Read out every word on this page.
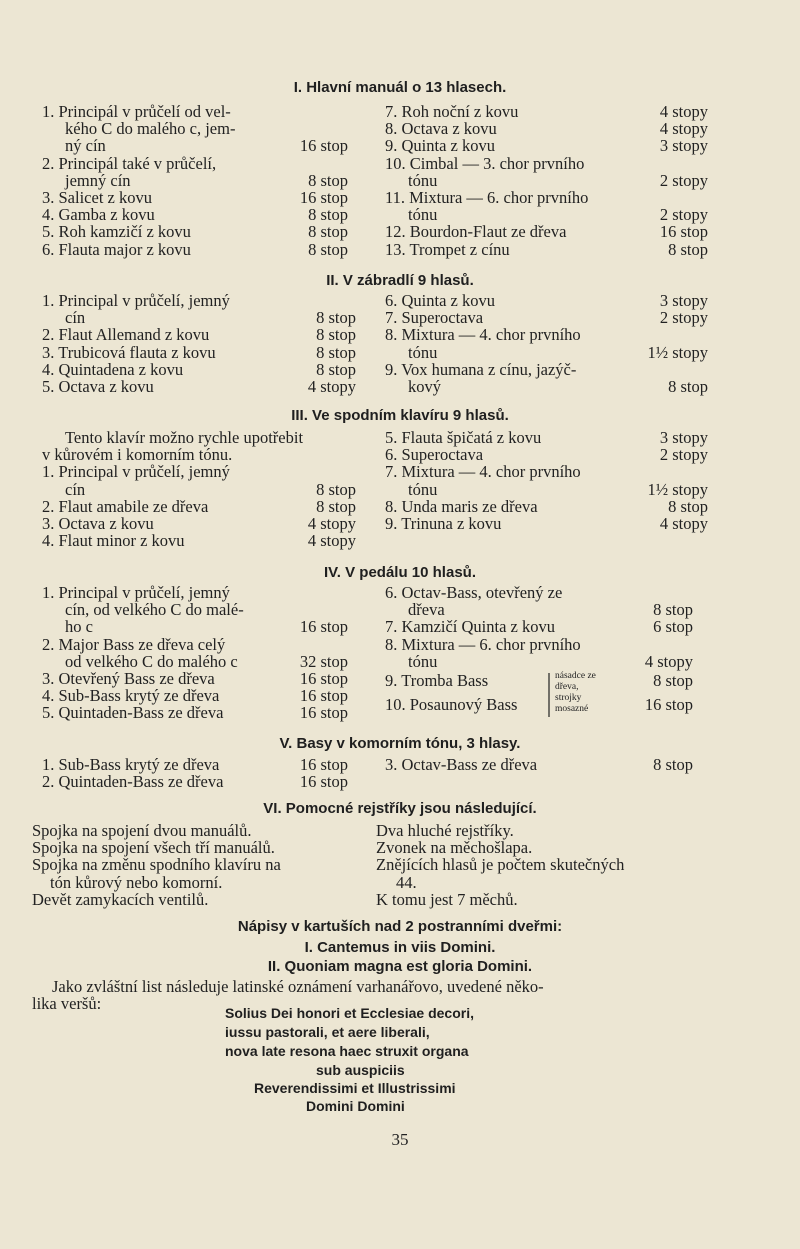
I. Hlavní manuál o 13 hlasech.
1. Principál v průčelí od vel-
kého C do malého c, jem-
ný cín	16 stop
2. Principál také v průčelí,
jemný cín	8 stop
3. Salicet z kovu	16 stop
4. Gamba z kovu	8 stop
5. Roh kamzičí z kovu	8 stop
6. Flauta major z kovu	8 stop
7. Roh noční z kovu	4 stopy
8. Octava z kovu	4 stopy
9. Quinta z kovu	3 stopy
10. Cimbal — 3. chor prvního
tónu	2 stopy
11. Mixtura — 6. chor prvního
tónu	2 stopy
12. Bourdon-Flaut ze dřeva	16 stop
13. Trompet z cínu	8 stop
II. V zábradlí 9 hlasů.
1. Principal v průčelí, jemný
cín	8 stop
2. Flaut Allemand z kovu	8 stop
3. Trubicová flauta z kovu	8 stop
4. Quintadena z kovu	8 stop
5. Octava z kovu	4 stopy
6. Quinta z kovu	3 stopy
7. Superoctava	2 stopy
8. Mixtura — 4. chor prvního
tónu	1½ stopy
9. Vox humana z cínu, jazýč-
kový	8 stop
III. Ve spodním klavíru 9 hlasů.
Tento klavír možno rychle upotřebit
v kůrovém i komorním tónu.
1. Principal v průčelí, jemný
cín	8 stop
2. Flaut amabile ze dřeva	8 stop
3. Octava z kovu	4 stopy
4. Flaut minor z kovu	4 stopy
5. Flauta špičatá z kovu	3 stopy
6. Superoctava	2 stopy
7. Mixtura — 4. chor prvního
tónu	1½ stopy
8. Unda maris ze dřeva	8 stop
9. Trinuna z kovu	4 stopy
IV. V pedálu 10 hlasů.
1. Principal v průčelí, jemný
cín, od velkého C do malé-
ho c	16 stop
2. Major Bass ze dřeva celý
od velkého C do malého c	32 stop
3. Otevřený Bass ze dřeva	16 stop
4. Sub-Bass krytý ze dřeva	16 stop
5. Quintaden-Bass ze dřeva	16 stop
6. Octav-Bass, otevřený ze
dřeva	8 stop
7. Kamzičí Quinta z kovu	6 stop
8. Mixtura — 6. chor prvního
tónu	4 stopy
9. Tromba Bass	8 stop
10. Posaunový Bass	16 stop
násadce ze
dřeva,
strojky
mosazné
V. Basy v komorním tónu, 3 hlasy.
1. Sub-Bass krytý ze dřeva	16 stop
2. Quintaden-Bass ze dřeva	16 stop
3. Octav-Bass ze dřeva	8 stop
VI. Pomocné rejstříky jsou následující.
Spojka na spojení dvou manuálů.
Spojka na spojení všech tří manuálů.
Spojka na změnu spodního klavíru na
tón kůrový nebo komorní.
Devět zamykacích ventilů.
Dva hluché rejstříky.
Zvonek na měchošlapa.
Znějících hlasů je počtem skutečných
44.
K tomu jest 7 měchů.
Nápisy v kartuších nad 2 postranními dveřmi:
I. Cantemus in viis Domini.
II. Quoniam magna est gloria Domini.
Jako zvláštní list následuje latinské oznámení varhanářovo, uvedené něko-
lika veršů:	Solius Dei honori et Ecclesiae decori,
iussu pastorali, et aere liberali,
nova late resona haec struxit organa
sub auspiciis
Reverendissimi et Illustrissimi
Domini Domini
35
